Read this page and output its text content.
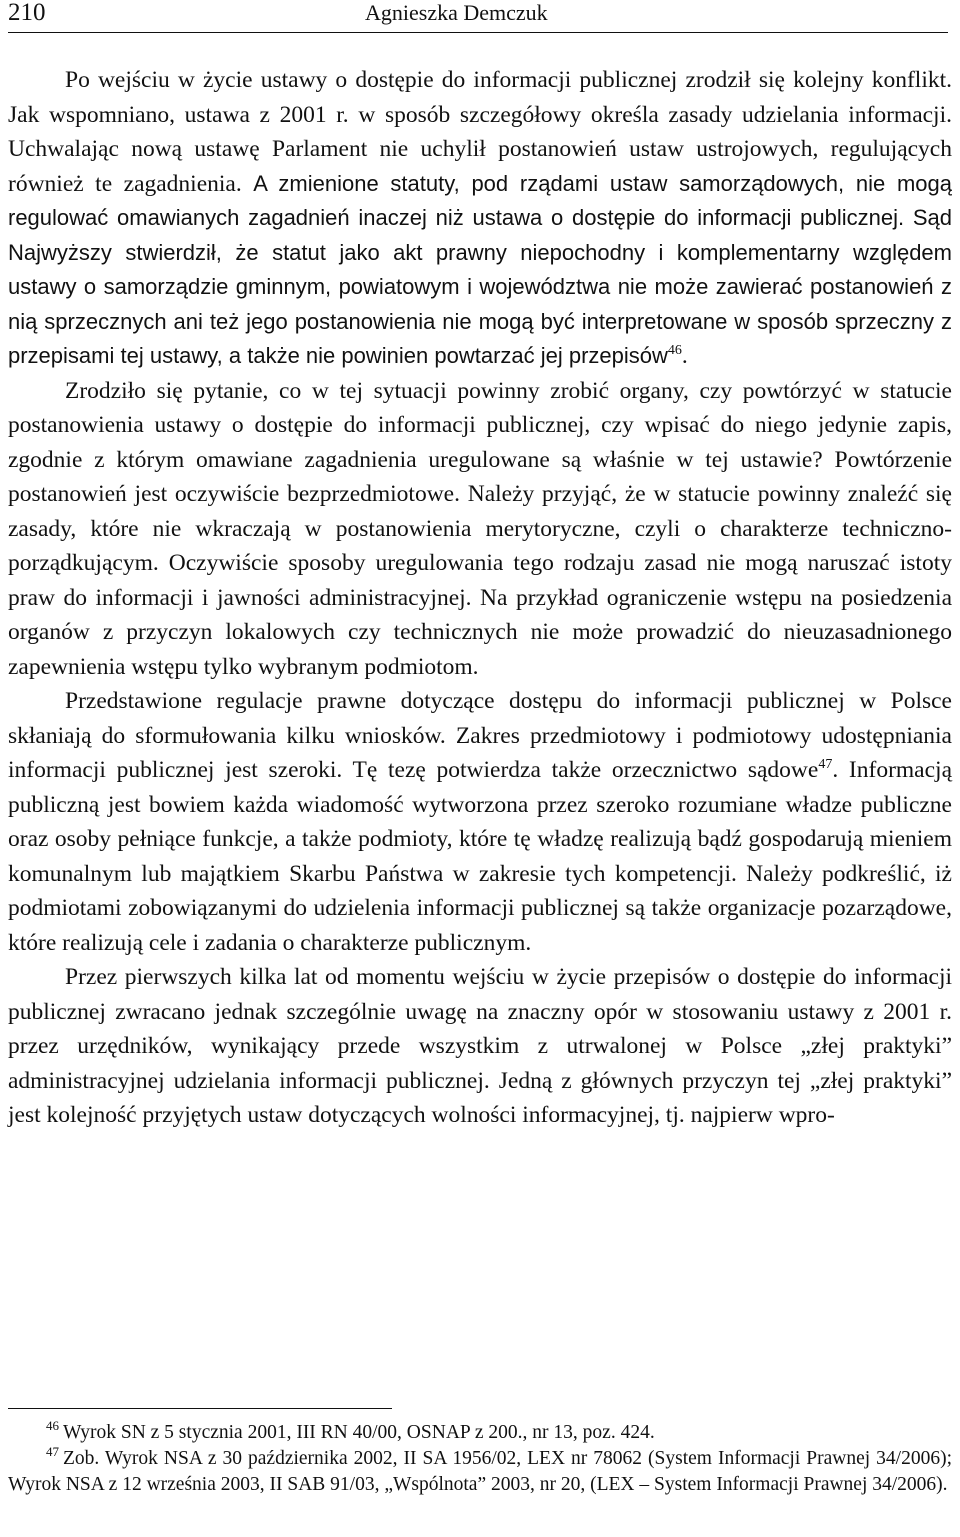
210	Agnieszka Demczuk

Po wejściu w życie ustawy o dostępie do informacji publicznej zrodził się kolejny konflikt. Jak wspomniano, ustawa z 2001 r. w sposób szczegółowy określa zasady udzielania informacji. Uchwalając nową ustawę Parlament nie uchylił postanowień ustaw ustrojowych, regulujących również te zagadnienia. A zmienione statuty, pod rządami ustaw samorządowych, nie mogą regulować omawianych zagadnień inaczej niż ustawa o dostępie do informacji publicznej. Sąd Najwyższy stwierdził, że statut jako akt prawny niepochodny i komplementarny względem ustawy o samorządzie gminnym, powiatowym i województwa nie może zawierać postanowień z nią sprzecznych ani też jego postanowienia nie mogą być interpretowane w sposób sprzeczny z przepisami tej ustawy, a także nie powinien powtarzać jej przepisów$^{46}$.

Zrodziło się pytanie, co w tej sytuacji powinny zrobić organy, czy powtórzyć w statucie postanowienia ustawy o dostępie do informacji publicznej, czy wpisać do niego jedynie zapis, zgodnie z którym omawiane zagadnienia uregulowane są właśnie w tej ustawie? Powtórzenie postanowień jest oczywiście bezprzedmiotowe. Należy przyjąć, że w statucie powinny znaleźć się zasady, które nie wkraczają w postanowienia merytoryczne, czyli o charakterze techniczno-porządkującym. Oczywiście sposoby uregulowania tego rodzaju zasad nie mogą naruszać istoty praw do informacji i jawności administracyjnej. Na przykład ograniczenie wstępu na posiedzenia organów z przyczyn lokalowych czy technicznych nie może prowadzić do nieuzasadnionego zapewnienia wstępu tylko wybranym podmiotom.

Przedstawione regulacje prawne dotyczące dostępu do informacji publicznej w Polsce skłaniają do sformułowania kilku wniosków. Zakres przedmiotowy i podmiotowy udostępniania informacji publicznej jest szeroki. Tę tezę potwierdza także orzecznictwo sądowe$^{47}$. Informacją publiczną jest bowiem każda wiadomość wytworzona przez szeroko rozumiane władze publiczne oraz osoby pełniące funkcje, a także podmioty, które tę władzę realizują bądź gospodarują mieniem komunalnym lub majątkiem Skarbu Państwa w zakresie tych kompetencji. Należy podkreślić, iż podmiotami zobowiązanymi do udzielenia informacji publicznej są także organizacje pozarządowe, które realizują cele i zadania o charakterze publicznym.

Przez pierwszych kilka lat od momentu wejściu w życie przepisów o dostępie do informacji publicznej zwracano jednak szczególnie uwagę na znaczny opór w stosowaniu ustawy z 2001 r. przez urzędników, wynikający przede wszystkim z utrwalonej w Polsce „złej praktyki” administracyjnej udzielania informacji publicznej. Jedną z głównych przyczyn tej „złej praktyki” jest kolejność przyjętych ustaw dotyczących wolności informacyjnej, tj. najpierw wpro-

$^{46}$ Wyrok SN z 5 stycznia 2001, III RN 40/00, OSNAP z 200., nr 13, poz. 424.

$^{47}$ Zob. Wyrok NSA z 30 października 2002, II SA 1956/02, LEX nr 78062 (System Informacji Prawnej 34/2006); Wyrok NSA z 12 września 2003, II SAB 91/03, „Wspólnota” 2003, nr 20, (LEX – System Informacji Prawnej 34/2006).
